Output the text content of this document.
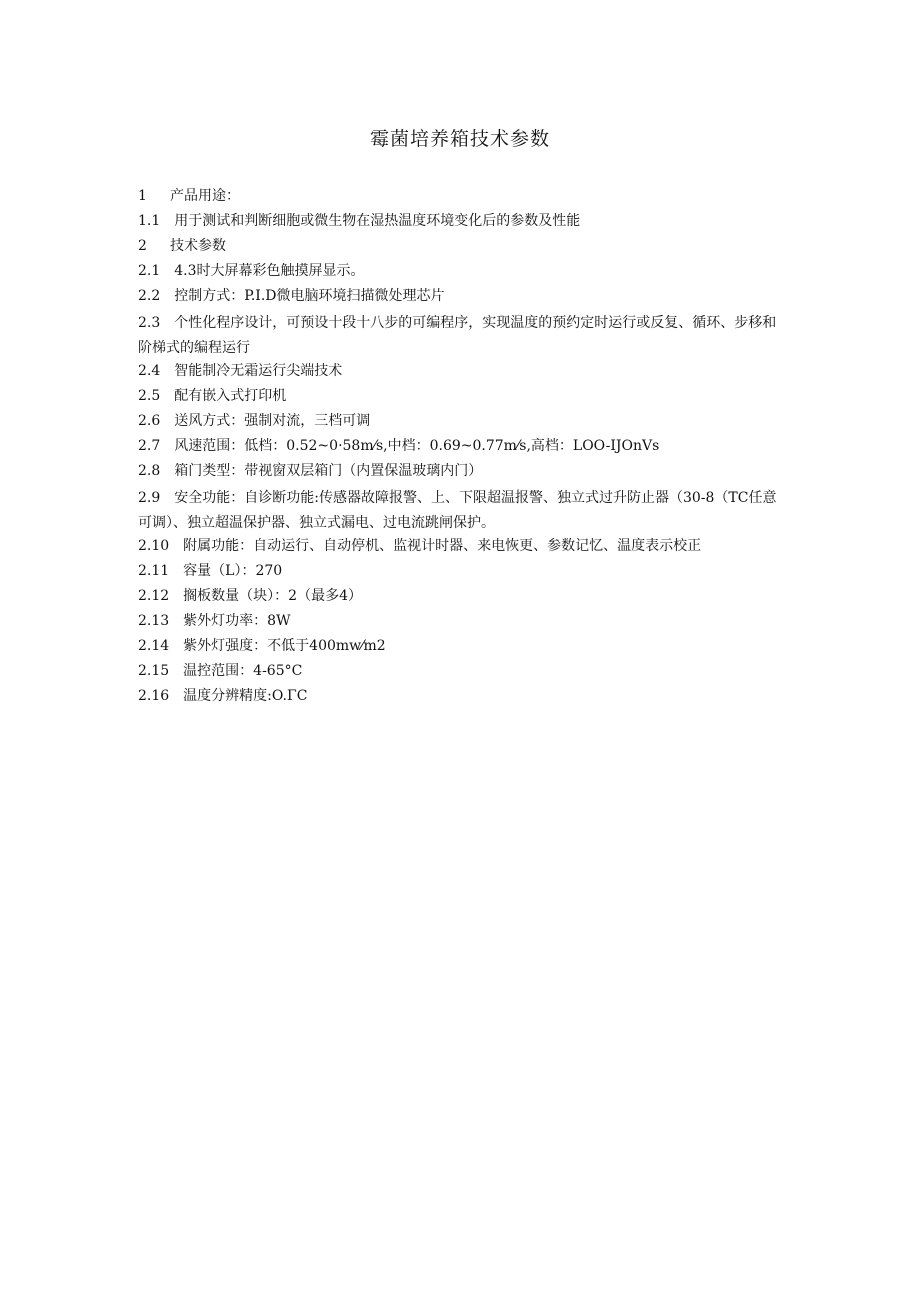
霉菌培养箱技术参数
1 产品用途：
1.1 用于测试和判断细胞或微生物在湿热温度环境变化后的参数及性能
2 技术参数
2.1 4.3时大屏幕彩色触摸屏显示。
2.2 控制方式：P.I.D微电脑环境扫描微处理芯片
2.3 个性化程序设计，可预设十段十八步的可编程序，实现温度的预约定时运行或反复、循环、步移和阶梯式的编程运行
2.4 智能制冷无霜运行尖端技术
2.5 配有嵌入式打印机
2.6 送风方式：强制对流，三档可调
2.7 风速范围：低档：0.52~0·58m⁄s,中档：0.69~0.77m⁄s,高档：LOO-IJOnVs
2.8 箱门类型：带视窗双层箱门（内置保温玻璃内门）
2.9 安全功能：自诊断功能:传感器故障报警、上、下限超温报警、独立式过升防止器（30-8（TC任意可调）、独立超温保护器、独立式漏电、过电流跳闸保护。
2.10 附属功能：自动运行、自动停机、监视计时器、来电恢更、参数记忆、温度表示校正
2.11 容量（L）：270
2.12 搁板数量（块）：2（最多4）
2.13 紫外灯功率：8W
2.14 紫外灯强度：不低于400mw⁄m2
2.15 温控范围：4-65°C
2.16 温度分辨精度:O.ΓC
